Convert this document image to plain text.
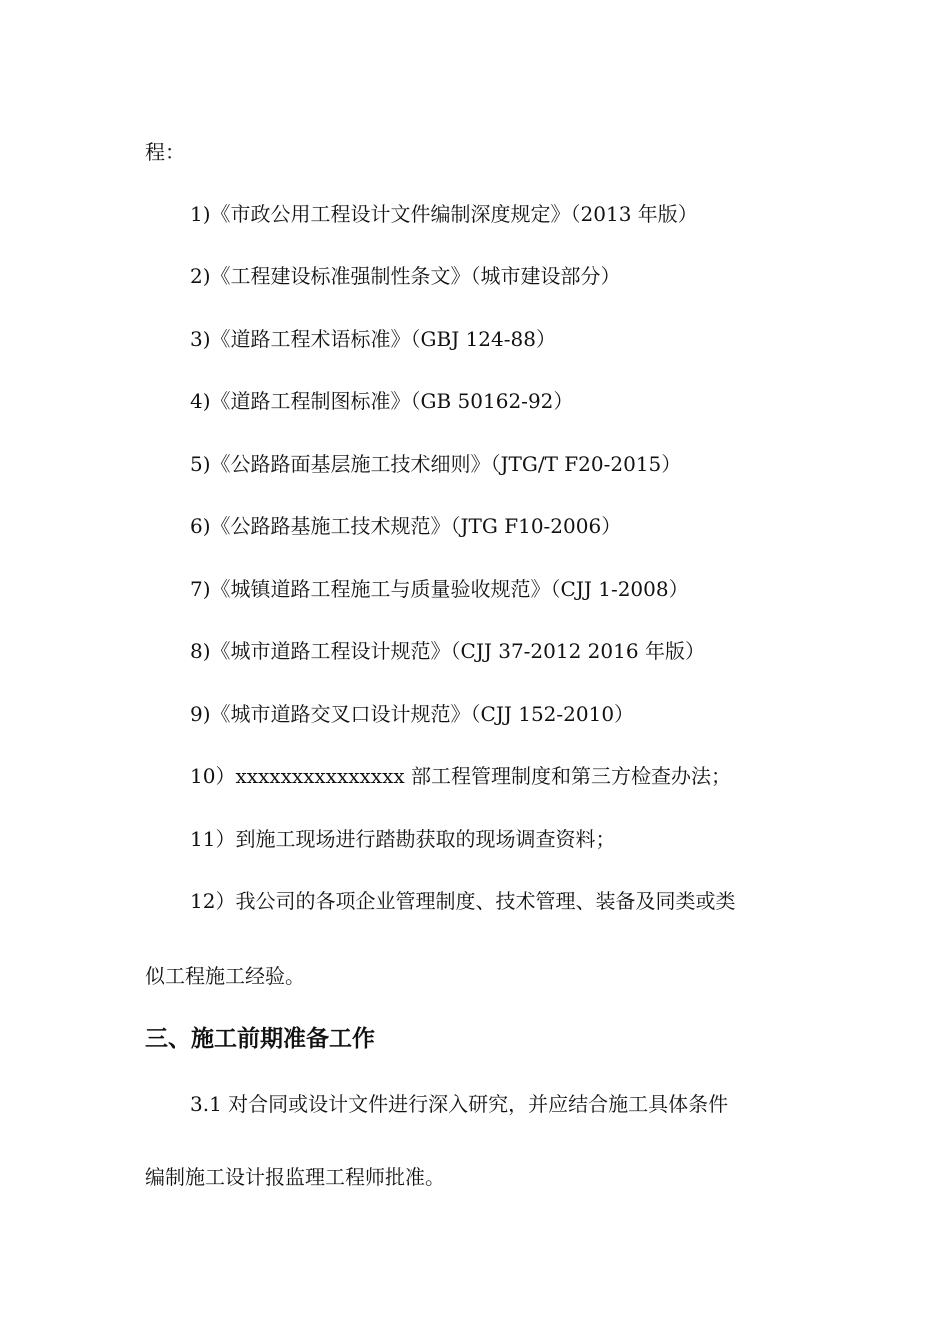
程：
1)《市政公用工程设计文件编制深度规定》（2013 年版）
2)《工程建设标准强制性条文》（城市建设部分）
3)《道路工程术语标准》（GBJ 124-88）
4)《道路工程制图标准》（GB 50162-92）
5)《公路路面基层施工技术细则》（JTG/T F20-2015）
6)《公路路基施工技术规范》（JTG F10-2006）
7)《城镇道路工程施工与质量验收规范》（CJJ 1-2008）
8)《城市道路工程设计规范》（CJJ 37-2012 2016 年版）
9)《城市道路交叉口设计规范》（CJJ 152-2010）
10）xxxxxxxxxxxxxxx 部工程管理制度和第三方检查办法；
11）到施工现场进行踏勘获取的现场调查资料；
12）我公司的各项企业管理制度、技术管理、装备及同类或类
似工程施工经验。
三、施工前期准备工作
3.1 对合同或设计文件进行深入研究，并应结合施工具体条件
编制施工设计报监理工程师批准。
